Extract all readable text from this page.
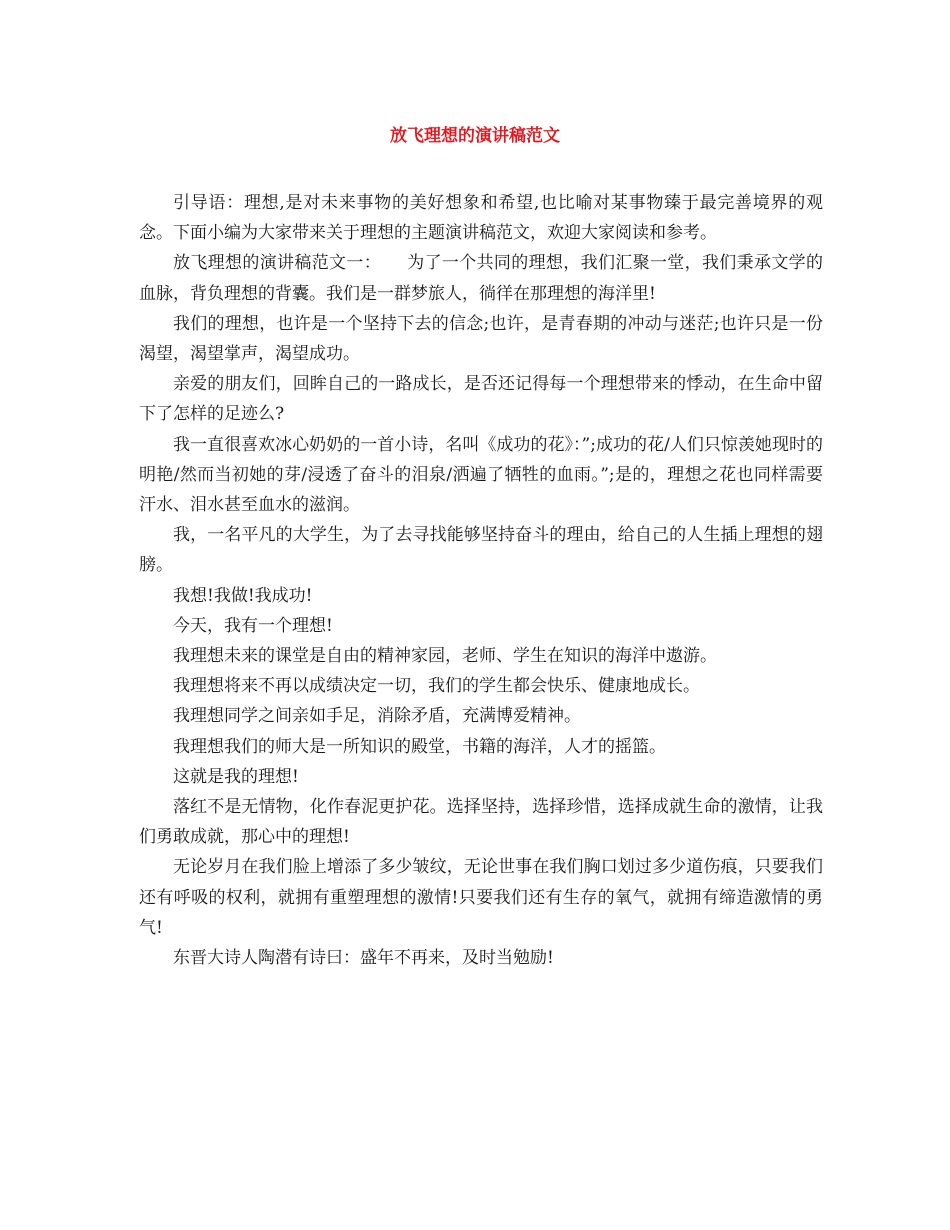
放飞理想的演讲稿范文

引导语：理想,是对未来事物的美好想象和希望,也比喻对某事物臻于最完善境界的观念。下面小编为大家带来关于理想的主题演讲稿范文，欢迎大家阅读和参考。

放飞理想的演讲稿范文一：　　为了一个共同的理想，我们汇聚一堂，我们秉承文学的血脉，背负理想的背囊。我们是一群梦旅人，徜徉在那理想的海洋里!

我们的理想，也许是一个坚持下去的信念;也许，是青春期的冲动与迷茫;也许只是一份渴望，渴望掌声，渴望成功。

亲爱的朋友们，回眸自己的一路成长，是否还记得每一个理想带来的悸动，在生命中留下了怎样的足迹么?

我一直很喜欢冰心奶奶的一首小诗，名叫《成功的花》：”;成功的花/人们只惊羡她现时的明艳/然而当初她的芽/浸透了奋斗的泪泉/洒遍了牺牲的血雨。”;是的，理想之花也同样需要汗水、泪水甚至血水的滋润。

我，一名平凡的大学生，为了去寻找能够坚持奋斗的理由，给自己的人生插上理想的翅膀。

我想!我做!我成功!

今天，我有一个理想!

我理想未来的课堂是自由的精神家园，老师、学生在知识的海洋中遨游。

我理想将来不再以成绩决定一切，我们的学生都会快乐、健康地成长。

我理想同学之间亲如手足，消除矛盾，充满博爱精神。

我理想我们的师大是一所知识的殿堂，书籍的海洋，人才的摇篮。

这就是我的理想!

落红不是无情物，化作春泥更护花。选择坚持，选择珍惜，选择成就生命的激情，让我们勇敢成就，那心中的理想!

无论岁月在我们脸上增添了多少皱纹，无论世事在我们胸口划过多少道伤痕，只要我们还有呼吸的权利，就拥有重塑理想的激情!只要我们还有生存的氧气，就拥有缔造激情的勇气!

东晋大诗人陶潜有诗曰：盛年不再来，及时当勉励!
